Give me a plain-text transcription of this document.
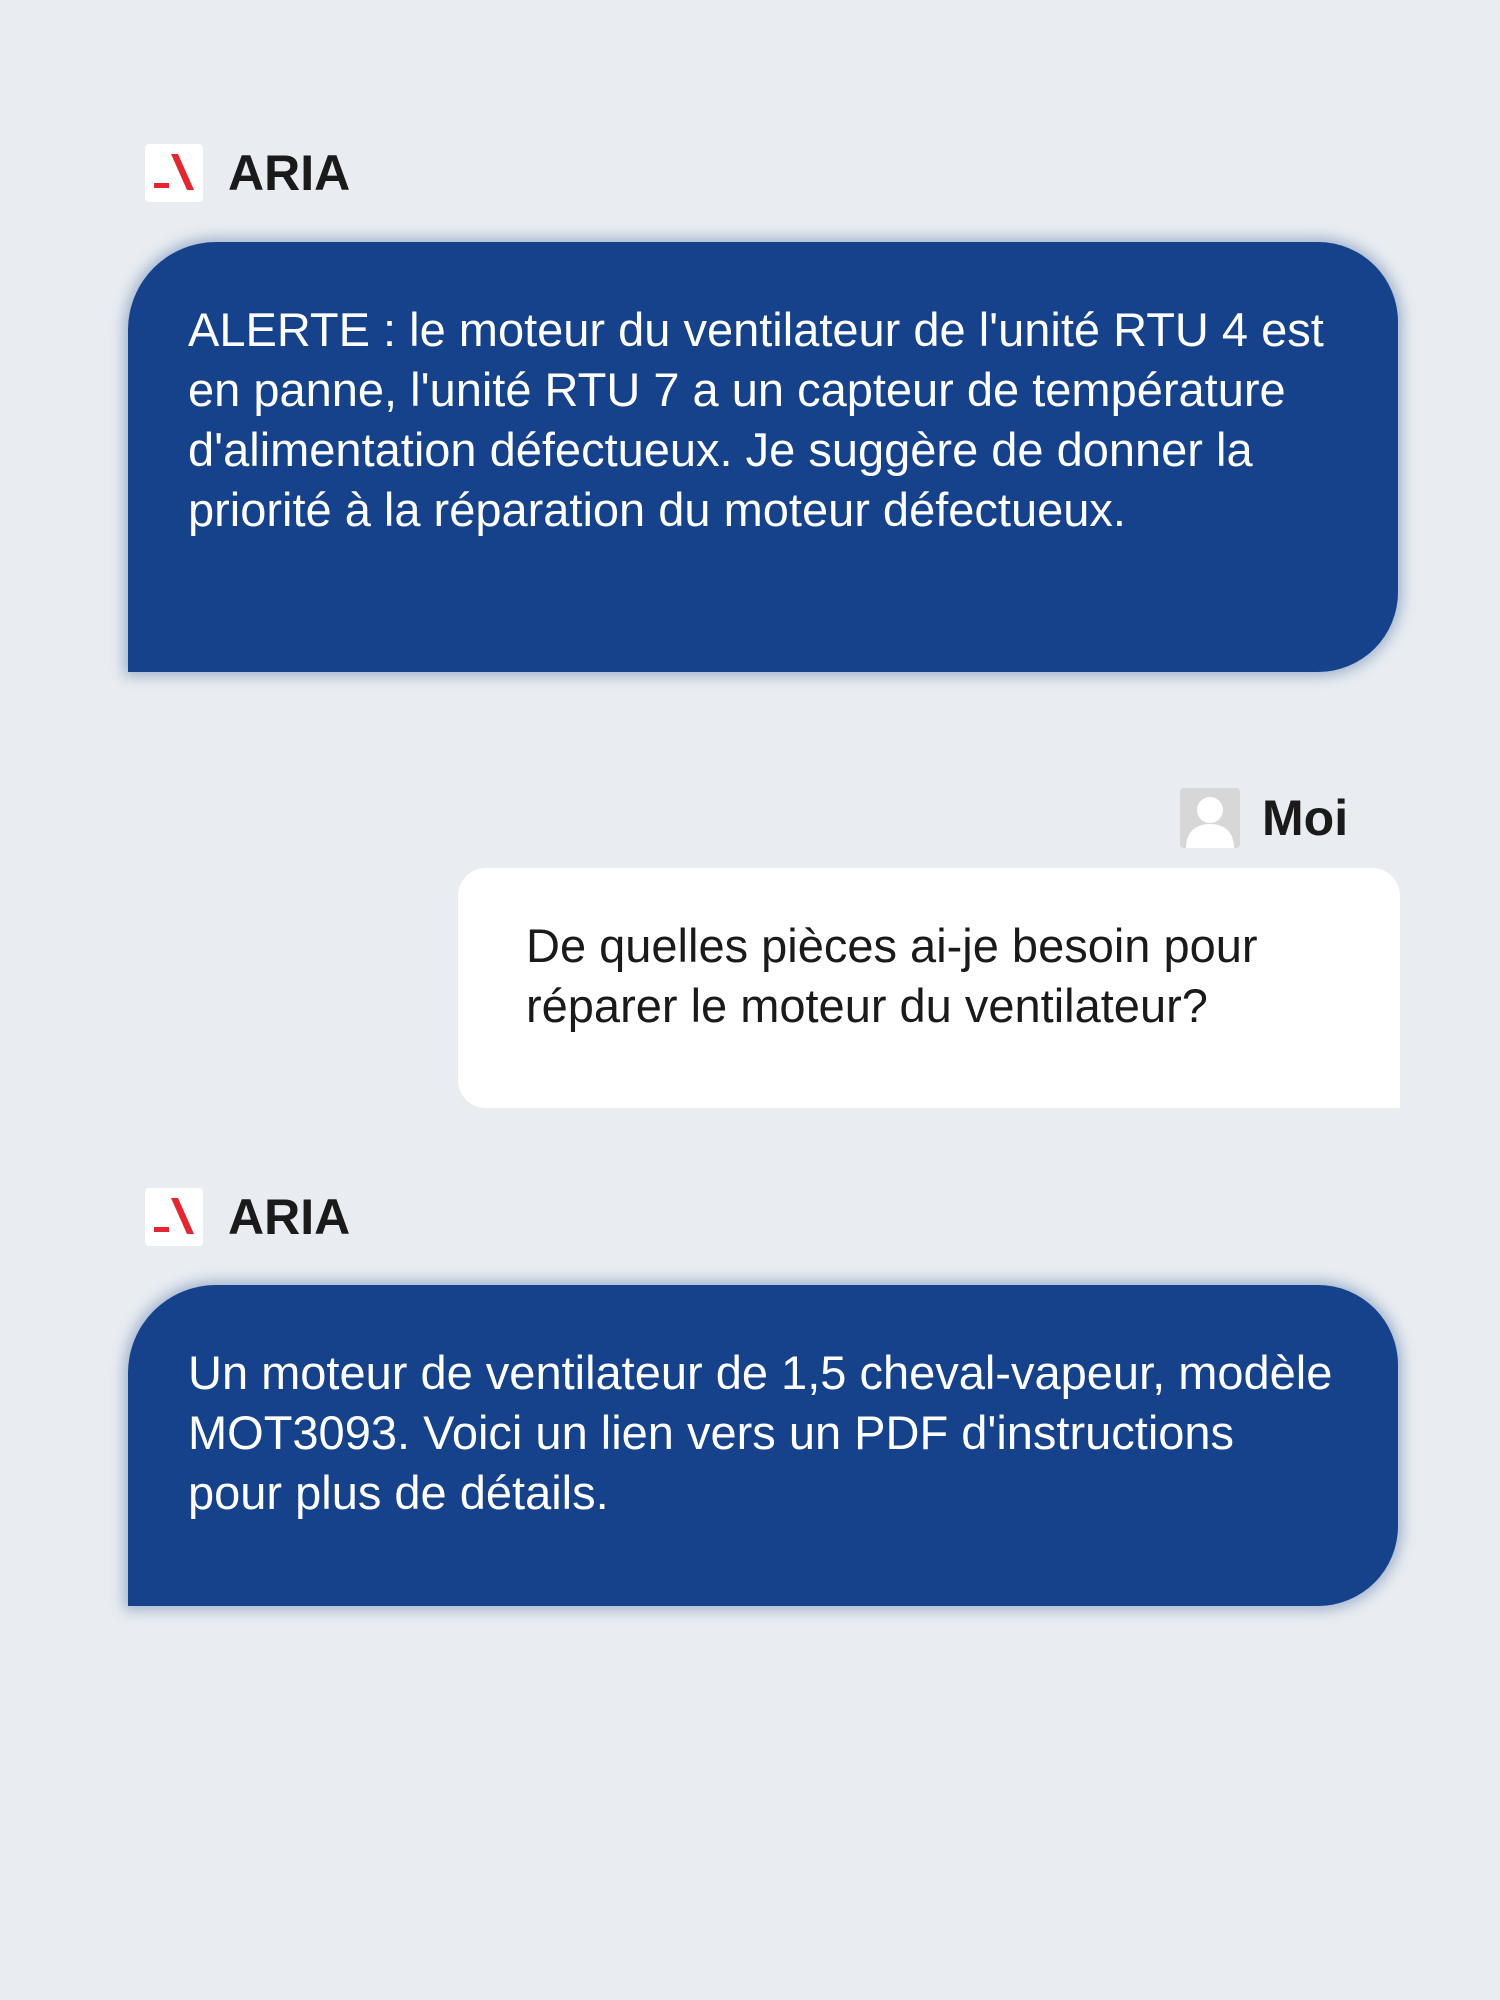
ARIA

ALERTE : le moteur du ventilateur de l'unité RTU 4 est en panne, l'unité RTU 7 a un capteur de température d'alimentation défectueux. Je suggère de donner la priorité à la réparation du moteur défectueux.

Moi

De quelles pièces ai-je besoin pour réparer le moteur du ventilateur?

ARIA

Un moteur de ventilateur de 1,5 cheval-vapeur, modèle MOT3093. Voici un lien vers un PDF d'instructions pour plus de détails.
